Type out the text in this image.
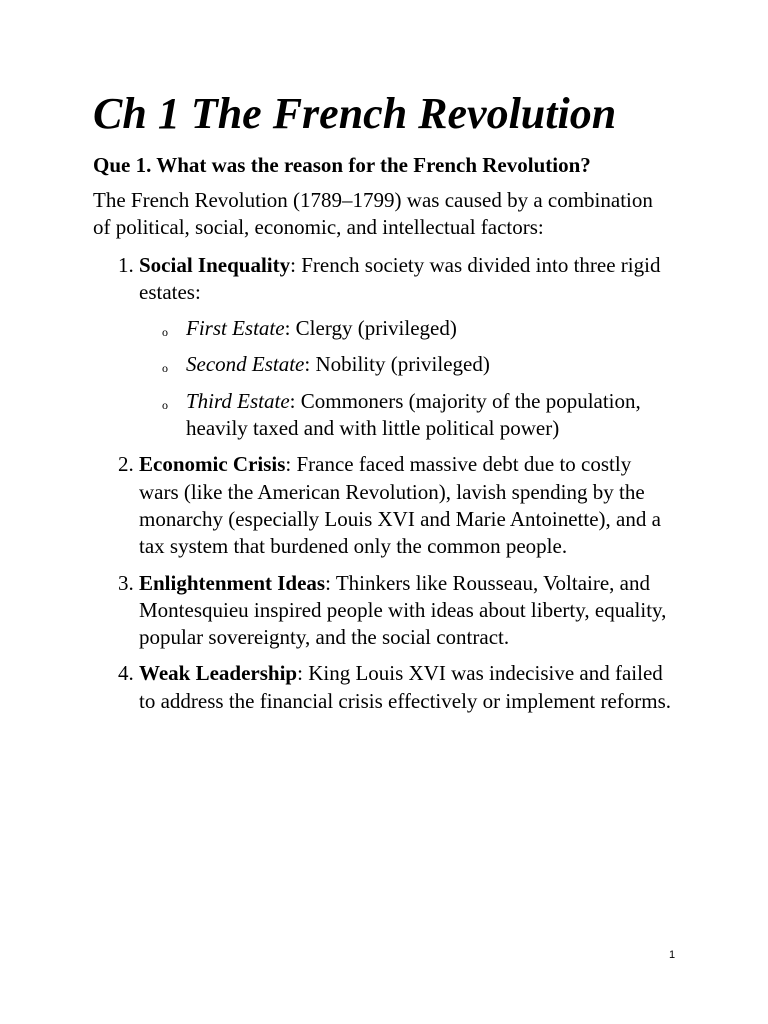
Ch 1 The French Revolution

Que 1. What was the reason for the French Revolution?

The French Revolution (1789–1799) was caused by a combination of political, social, economic, and intellectual factors:

1. Social Inequality: French society was divided into three rigid estates:
o First Estate: Clergy (privileged)
o Second Estate: Nobility (privileged)
o Third Estate: Commoners (majority of the population, heavily taxed and with little political power)
2. Economic Crisis: France faced massive debt due to costly wars (like the American Revolution), lavish spending by the monarchy (especially Louis XVI and Marie Antoinette), and a tax system that burdened only the common people.
3. Enlightenment Ideas: Thinkers like Rousseau, Voltaire, and Montesquieu inspired people with ideas about liberty, equality, popular sovereignty, and the social contract.
4. Weak Leadership: King Louis XVI was indecisive and failed to address the financial crisis effectively or implement reforms.
1
